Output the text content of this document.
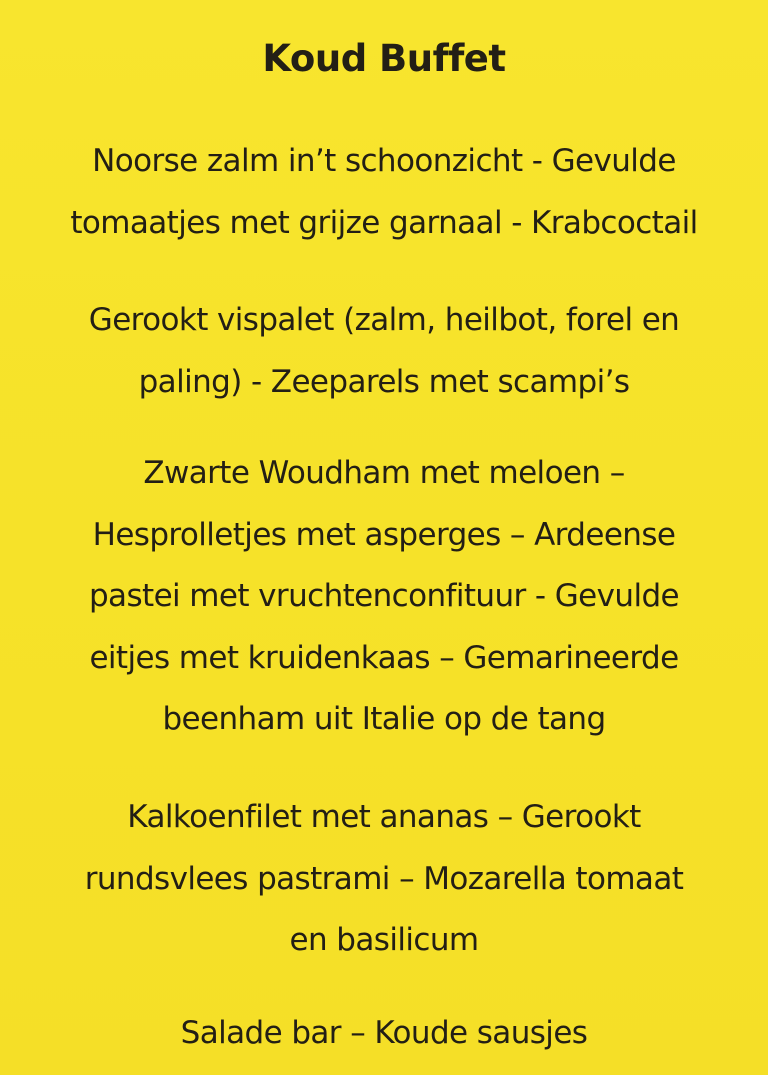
Koud Buffet

Noorse zalm in’t schoonzicht - Gevulde
tomaatjes met grijze garnaal - Krabcoctail

Gerookt vispalet (zalm, heilbot, forel en
paling) - Zeeparels met scampi’s

Zwarte Woudham met meloen –
Hesprolletjes met asperges – Ardeense
pastei met vruchtenconfituur - Gevulde
eitjes met kruidenkaas – Gemarineerde
beenham uit Italie op de tang

Kalkoenfilet met ananas – Gerookt
rundsvlees pastrami – Mozarella tomaat
en basilicum

Salade bar – Koude sausjes
